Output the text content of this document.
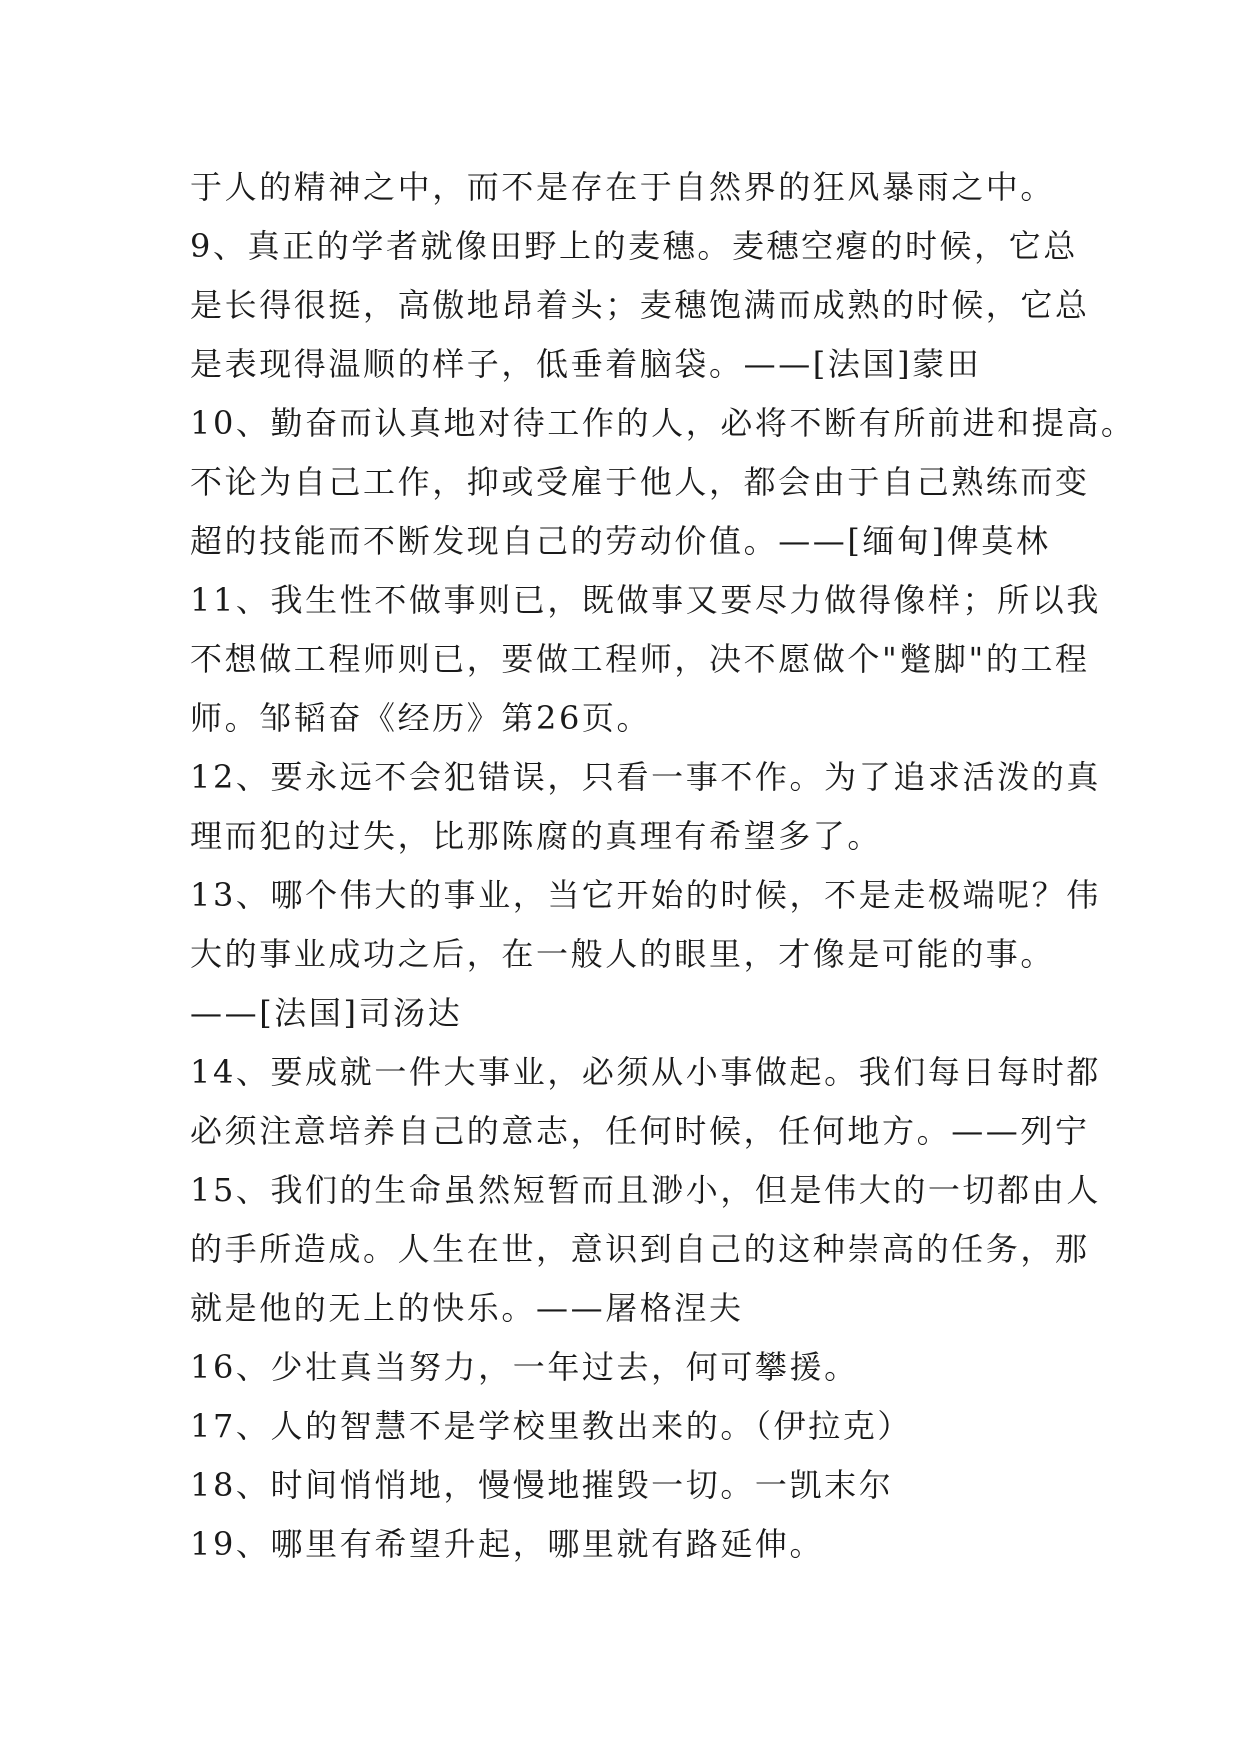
于人的精神之中，而不是存在于自然界的狂风暴雨之中。
9、真正的学者就像田野上的麦穗。麦穗空瘪的时候，它总
是长得很挺，高傲地昂着头；麦穗饱满而成熟的时候，它总
是表现得温顺的样子，低垂着脑袋。——[法国]蒙田
10、勤奋而认真地对待工作的人，必将不断有所前进和提高。
不论为自己工作，抑或受雇于他人，都会由于自己熟练而变
超的技能而不断发现自己的劳动价值。——[缅甸]俾莫林
11、我生性不做事则已，既做事又要尽力做得像样；所以我
不想做工程师则已，要做工程师，决不愿做个"蹩脚"的工程
师。邹韬奋《经历》第26页。
12、要永远不会犯错误，只看一事不作。为了追求活泼的真
理而犯的过失，比那陈腐的真理有希望多了。
13、哪个伟大的事业，当它开始的时候，不是走极端呢？伟
大的事业成功之后，在一般人的眼里，才像是可能的事。
——[法国]司汤达
14、要成就一件大事业，必须从小事做起。我们每日每时都
必须注意培养自己的意志，任何时候，任何地方。——列宁
15、我们的生命虽然短暂而且渺小，但是伟大的一切都由人
的手所造成。人生在世，意识到自己的这种崇高的任务，那
就是他的无上的快乐。——屠格涅夫
16、少壮真当努力，一年过去，何可攀援。
17、人的智慧不是学校里教出来的。（伊拉克）
18、时间悄悄地，慢慢地摧毁一切。一凯末尔
19、哪里有希望升起，哪里就有路延伸。
